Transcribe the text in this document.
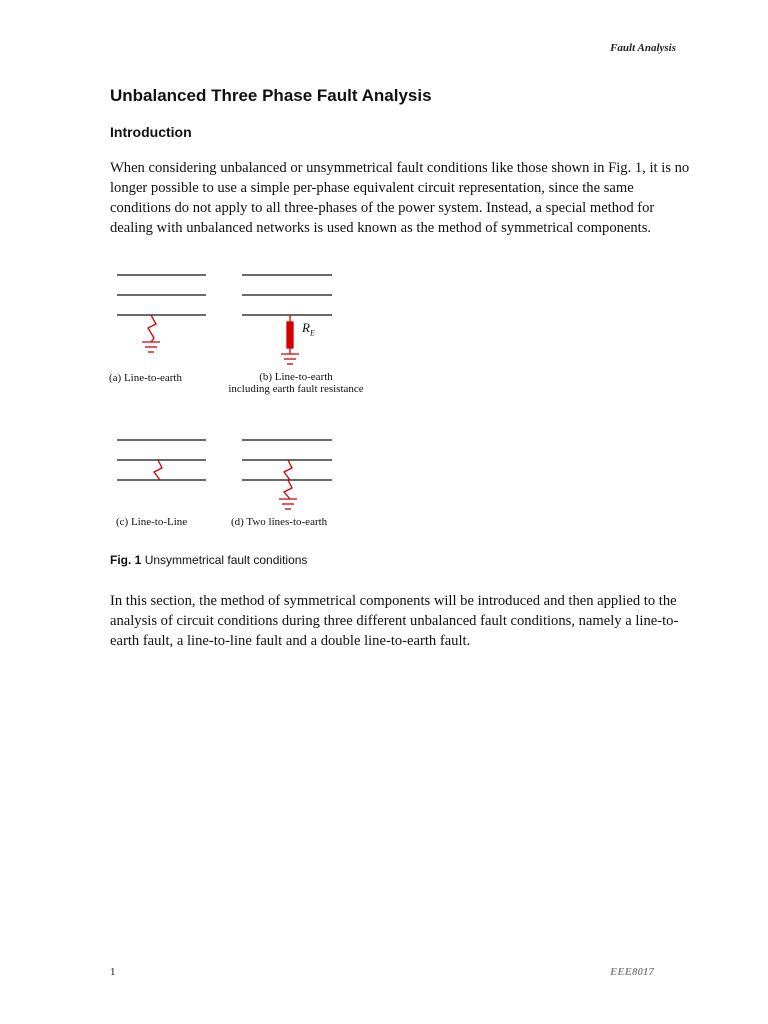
Fault Analysis
Unbalanced Three Phase Fault Analysis
Introduction

When considering unbalanced or unsymmetrical fault conditions like those shown in Fig. 1, it is no longer possible to use a simple per-phase equivalent circuit representation, since the same conditions do not apply to all three-phases of the power system. Instead, a special method for dealing with unbalanced networks is used known as the method of symmetrical components.

$R_E$
(a) Line-to-earth	(b) Line-to-earth
including earth fault resistance
(c) Line-to-Line	(d) Two lines-to-earth
Fig. 1 Unsymmetrical fault conditions

In this section, the method of symmetrical components will be introduced and then applied to the analysis of circuit conditions during three different unbalanced fault conditions, namely a line-to-earth fault, a line-to-line fault and a double line-to-earth fault.

1	EEE8017
